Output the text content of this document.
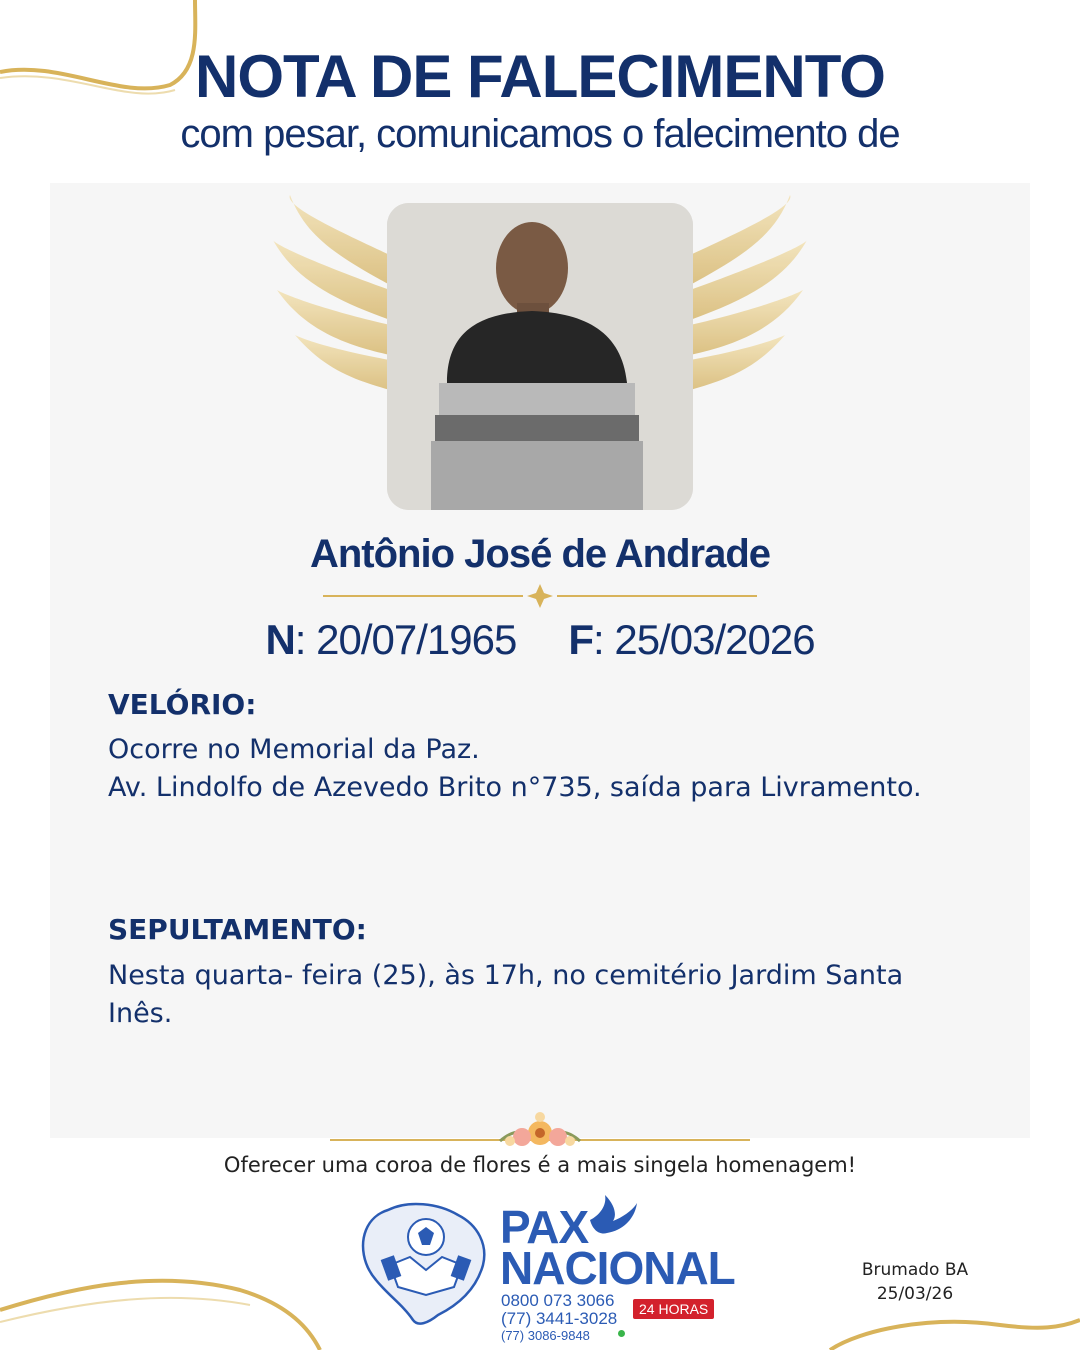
NOTA DE FALECIMENTO
com pesar, comunicamos o falecimento de
Antônio José de Andrade
N: 20/07/1965 F: 25/03/2026
VELÓRIO:
Ocorre no Memorial da Paz.
Av. Lindolfo de Azevedo Brito n°735, saída para Livramento.
SEPULTAMENTO:
Nesta quarta- feira (25), às 17h, no cemitério Jardim Santa
Inês.
Oferecer uma coroa de flores é a mais singela homenagem!
PAX
NACIONAL
0800 073 3066
(77) 3441-3028
(77) 3086-9848
24 HORAS
Brumado BA
25/03/26
